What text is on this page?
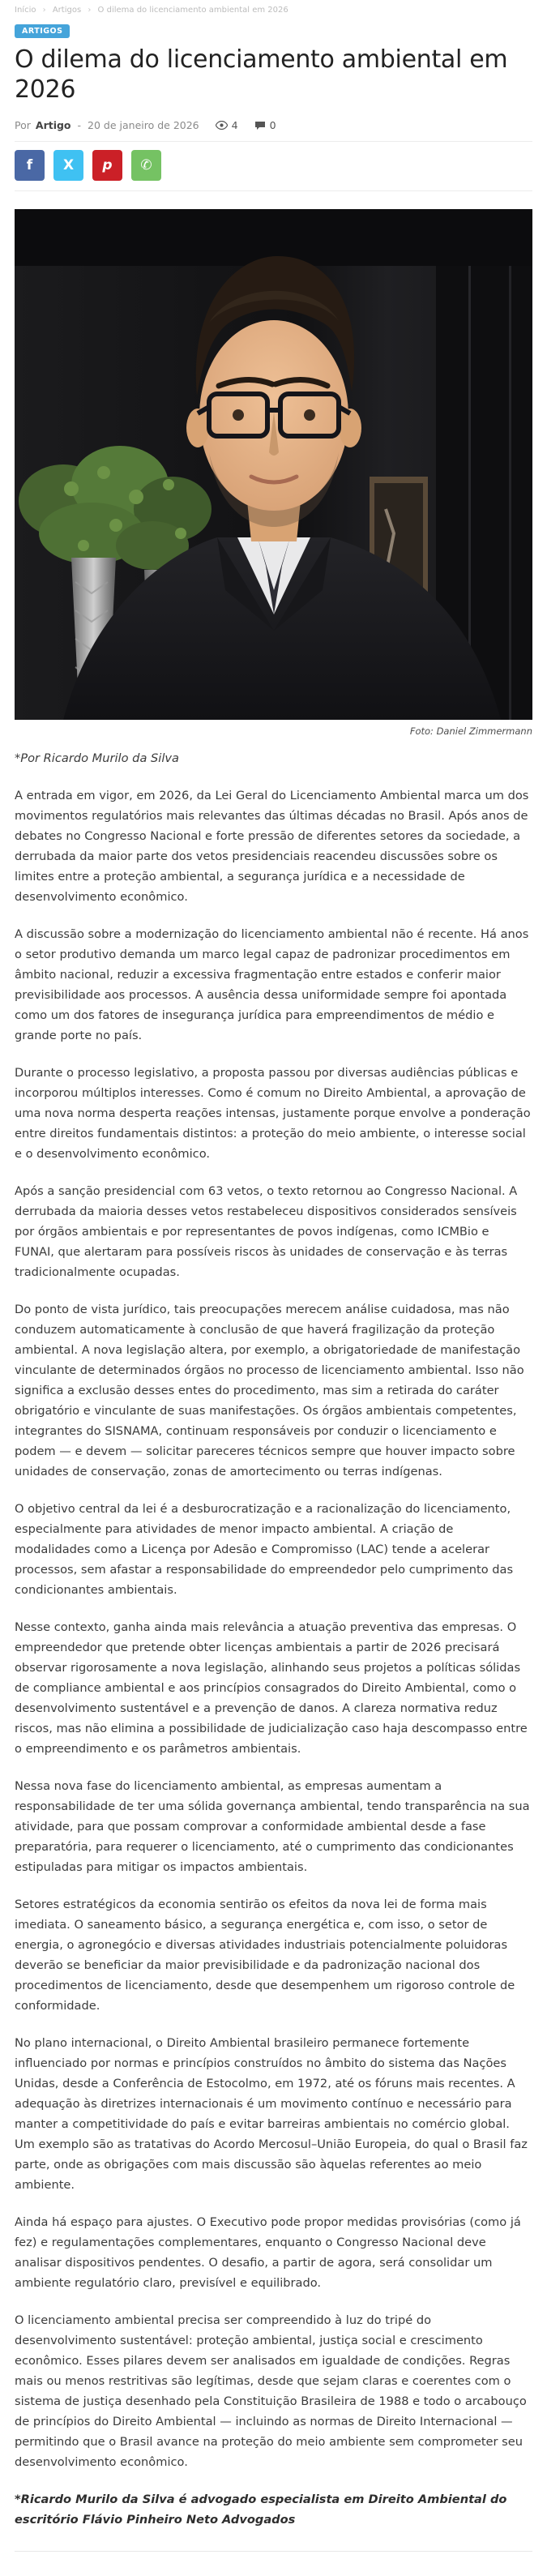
Início › Artigos › O dilema do licenciamento ambiental em 2026
ARTIGOS
O dilema do licenciamento ambiental em 2026
Por Artigo - 20 de janeiro de 2026	4	0
f X p ✆
Foto: Daniel Zimmermann

*Por Ricardo Murilo da Silva

A entrada em vigor, em 2026, da Lei Geral do Licenciamento Ambiental marca um dos movimentos regulatórios mais relevantes das últimas décadas no Brasil. Após anos de debates no Congresso Nacional e forte pressão de diferentes setores da sociedade, a derrubada da maior parte dos vetos presidenciais reacendeu discussões sobre os limites entre a proteção ambiental, a segurança jurídica e a necessidade de desenvolvimento econômico.

A discussão sobre a modernização do licenciamento ambiental não é recente. Há anos o setor produtivo demanda um marco legal capaz de padronizar procedimentos em âmbito nacional, reduzir a excessiva fragmentação entre estados e conferir maior previsibilidade aos processos. A ausência dessa uniformidade sempre foi apontada como um dos fatores de insegurança jurídica para empreendimentos de médio e grande porte no país.

Durante o processo legislativo, a proposta passou por diversas audiências públicas e incorporou múltiplos interesses. Como é comum no Direito Ambiental, a aprovação de uma nova norma desperta reações intensas, justamente porque envolve a ponderação entre direitos fundamentais distintos: a proteção do meio ambiente, o interesse social e o desenvolvimento econômico.

Após a sanção presidencial com 63 vetos, o texto retornou ao Congresso Nacional. A derrubada da maioria desses vetos restabeleceu dispositivos considerados sensíveis por órgãos ambientais e por representantes de povos indígenas, como ICMBio e FUNAI, que alertaram para possíveis riscos às unidades de conservação e às terras tradicionalmente ocupadas.

Do ponto de vista jurídico, tais preocupações merecem análise cuidadosa, mas não conduzem automaticamente à conclusão de que haverá fragilização da proteção ambiental. A nova legislação altera, por exemplo, a obrigatoriedade de manifestação vinculante de determinados órgãos no processo de licenciamento ambiental. Isso não significa a exclusão desses entes do procedimento, mas sim a retirada do caráter obrigatório e vinculante de suas manifestações. Os órgãos ambientais competentes, integrantes do SISNAMA, continuam responsáveis por conduzir o licenciamento e podem — e devem — solicitar pareceres técnicos sempre que houver impacto sobre unidades de conservação, zonas de amortecimento ou terras indígenas.

O objetivo central da lei é a desburocratização e a racionalização do licenciamento, especialmente para atividades de menor impacto ambiental. A criação de modalidades como a Licença por Adesão e Compromisso (LAC) tende a acelerar processos, sem afastar a responsabilidade do empreendedor pelo cumprimento das condicionantes ambientais.

Nesse contexto, ganha ainda mais relevância a atuação preventiva das empresas. O empreendedor que pretende obter licenças ambientais a partir de 2026 precisará observar rigorosamente a nova legislação, alinhando seus projetos a políticas sólidas de compliance ambiental e aos princípios consagrados do Direito Ambiental, como o desenvolvimento sustentável e a prevenção de danos. A clareza normativa reduz riscos, mas não elimina a possibilidade de judicialização caso haja descompasso entre o empreendimento e os parâmetros ambientais.

Nessa nova fase do licenciamento ambiental, as empresas aumentam a responsabilidade de ter uma sólida governança ambiental, tendo transparência na sua atividade, para que possam comprovar a conformidade ambiental desde a fase preparatória, para requerer o licenciamento, até o cumprimento das condicionantes estipuladas para mitigar os impactos ambientais.

Setores estratégicos da economia sentirão os efeitos da nova lei de forma mais imediata. O saneamento básico, a segurança energética e, com isso, o setor de energia, o agronegócio e diversas atividades industriais potencialmente poluidoras deverão se beneficiar da maior previsibilidade e da padronização nacional dos procedimentos de licenciamento, desde que desempenhem um rigoroso controle de conformidade.

No plano internacional, o Direito Ambiental brasileiro permanece fortemente influenciado por normas e princípios construídos no âmbito do sistema das Nações Unidas, desde a Conferência de Estocolmo, em 1972, até os fóruns mais recentes. A adequação às diretrizes internacionais é um movimento contínuo e necessário para manter a competitividade do país e evitar barreiras ambientais no comércio global. Um exemplo são as tratativas do Acordo Mercosul–União Europeia, do qual o Brasil faz parte, onde as obrigações com mais discussão são àquelas referentes ao meio ambiente.

Ainda há espaço para ajustes. O Executivo pode propor medidas provisórias (como já fez) e regulamentações complementares, enquanto o Congresso Nacional deve analisar dispositivos pendentes. O desafio, a partir de agora, será consolidar um ambiente regulatório claro, previsível e equilibrado.

O licenciamento ambiental precisa ser compreendido à luz do tripé do desenvolvimento sustentável: proteção ambiental, justiça social e crescimento econômico. Esses pilares devem ser analisados em igualdade de condições. Regras mais ou menos restritivas são legítimas, desde que sejam claras e coerentes com o sistema de justiça desenhado pela Constituição Brasileira de 1988 e todo o arcabouço de princípios do Direito Ambiental — incluindo as normas de Direito Internacional — permitindo que o Brasil avance na proteção do meio ambiente sem comprometer seu desenvolvimento econômico.

*Ricardo Murilo da Silva é advogado especialista em Direito Ambiental do escritório Flávio Pinheiro Neto Advogados
